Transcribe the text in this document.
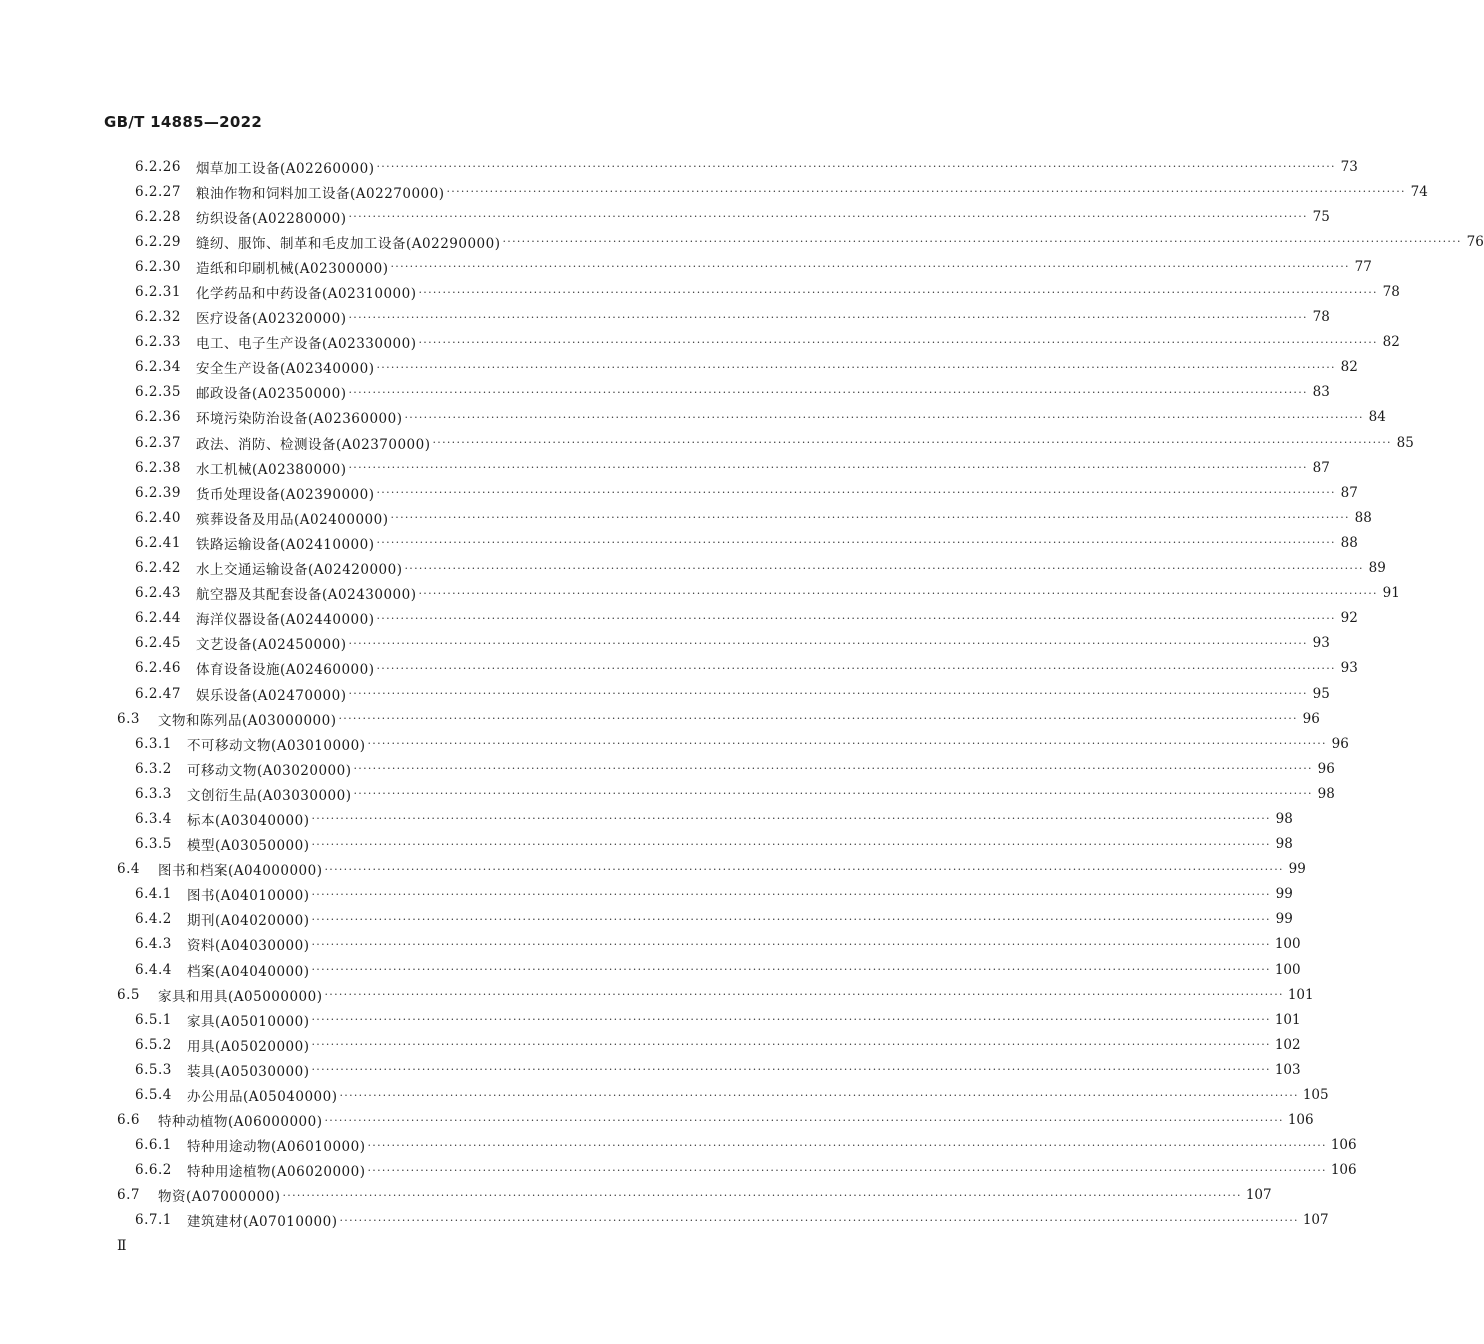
GB/T 14885—2022
6.2.26	烟草加工设备(A02260000) ········································································································································································································ 73
6.2.27	粮油作物和饲料加工设备(A02270000) ········································································································································································································ 74
6.2.28	纺织设备(A02280000) ········································································································································································································ 75
6.2.29	缝纫、服饰、制革和毛皮加工设备(A02290000) ········································································································································································································ 76
6.2.30	造纸和印刷机械(A02300000) ········································································································································································································ 77
6.2.31	化学药品和中药设备(A02310000) ········································································································································································································ 78
6.2.32	医疗设备(A02320000) ········································································································································································································ 78
6.2.33	电工、电子生产设备(A02330000) ········································································································································································································ 82
6.2.34	安全生产设备(A02340000) ········································································································································································································ 82
6.2.35	邮政设备(A02350000) ········································································································································································································ 83
6.2.36	环境污染防治设备(A02360000) ········································································································································································································ 84
6.2.37	政法、消防、检测设备(A02370000) ········································································································································································································ 85
6.2.38	水工机械(A02380000) ········································································································································································································ 87
6.2.39	货币处理设备(A02390000) ········································································································································································································ 87
6.2.40	殡葬设备及用品(A02400000) ········································································································································································································ 88
6.2.41	铁路运输设备(A02410000) ········································································································································································································ 88
6.2.42	水上交通运输设备(A02420000) ········································································································································································································ 89
6.2.43	航空器及其配套设备(A02430000) ········································································································································································································ 91
6.2.44	海洋仪器设备(A02440000) ········································································································································································································ 92
6.2.45	文艺设备(A02450000) ········································································································································································································ 93
6.2.46	体育设备设施(A02460000) ········································································································································································································ 93
6.2.47	娱乐设备(A02470000) ········································································································································································································ 95
6.3	文物和陈列品(A03000000) ········································································································································································································ 96
6.3.1	不可移动文物(A03010000) ········································································································································································································ 96
6.3.2	可移动文物(A03020000) ········································································································································································································ 96
6.3.3	文创衍生品(A03030000) ········································································································································································································ 98
6.3.4	标本(A03040000) ········································································································································································································ 98
6.3.5	模型(A03050000) ········································································································································································································ 98
6.4	图书和档案(A04000000) ········································································································································································································ 99
6.4.1	图书(A04010000) ········································································································································································································ 99
6.4.2	期刊(A04020000) ········································································································································································································ 99
6.4.3	资料(A04030000) ········································································································································································································ 100
6.4.4	档案(A04040000) ········································································································································································································ 100
6.5	家具和用具(A05000000) ········································································································································································································ 101
6.5.1	家具(A05010000) ········································································································································································································ 101
6.5.2	用具(A05020000) ········································································································································································································ 102
6.5.3	装具(A05030000) ········································································································································································································ 103
6.5.4	办公用品(A05040000) ········································································································································································································ 105
6.6	特种动植物(A06000000) ········································································································································································································ 106
6.6.1	特种用途动物(A06010000) ········································································································································································································ 106
6.6.2	特种用途植物(A06020000) ········································································································································································································ 106
6.7	物资(A07000000) ········································································································································································································ 107
6.7.1	建筑建材(A07010000) ········································································································································································································ 107
Ⅱ
